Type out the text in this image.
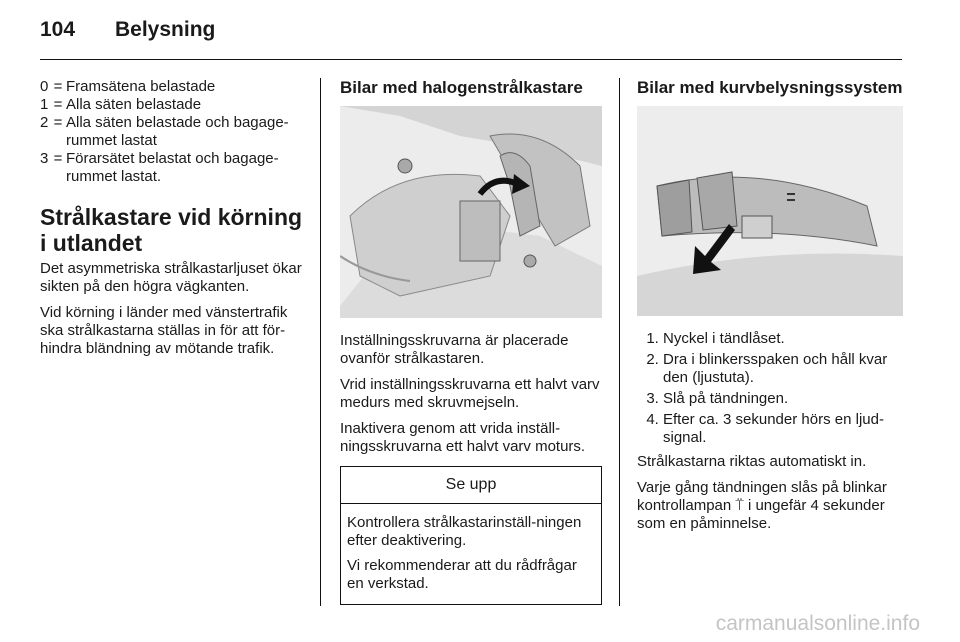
104 Belysning
0 = Framsätena belastade
1 = Alla säten belastade
2 = Alla säten belastade och bagage-rummet lastat
3 = Förarsätet belastat och bagage-rummet lastat.
Strålkastare vid körning i utlandet

Det asymmetriska strålkastarljuset ökar sikten på den högra vägkanten.

Vid körning i länder med vänstertrafik ska strålkastarna ställas in för att för-hindra bländning av mötande trafik.

Bilar med halogenstrålkastare

Inställningsskruvarna är placerade ovanför strålkastaren.

Vrid inställningsskruvarna ett halvt varv medurs med skruvmejseln.

Inaktivera genom att vrida inställ-ningsskruvarna ett halvt varv moturs.

Se upp

Kontrollera strålkastarinställ-ningen efter deaktivering.

Vi rekommenderar att du rådfrågar en verkstad.

Bilar med kurvbelysningssystem
1. Nyckel i tändlåset.
2. Dra i blinkersspaken och håll kvar den (ljustuta).
3. Slå på tändningen.
4. Efter ca. 3 sekunder hörs en ljud-signal.

Strålkastarna riktas automatiskt in.

Varje gång tändningen slås på blinkar kontrollampan ⍡ i ungefär 4 sekunder som en påminnelse.

carmanualsonline.info
